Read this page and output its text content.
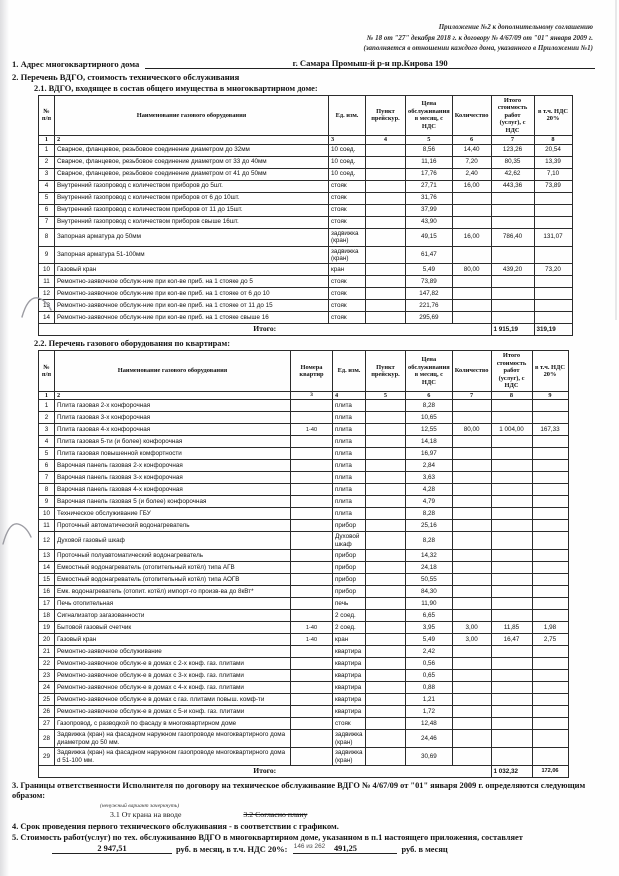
Приложение №2 к дополнительному соглашению
№ 18 от "27" декабря 2018 г. к договору № 4/67/09 от "01" января 2009 г.
(заполняется в отношении каждого дома, указанного в Приложении №1)
1. Адрес многоквартирного дома	г. Самара Промыш-й р-н пр.Кирова 190
2. Перечень ВДГО, стоимость технического обслуживания
2.1. ВДГО, входящее в состав общего имущества в многоквартирном доме:
№ п/п	Наименование газового оборудования	Ед. изм.	Пункт прейскур.	Цена обслуживания в месяц, с НДС	Количество	Итого стоимость работ (услуг), с НДС	в т.ч. НДС 20%
1	2	3	4	5	6	7	8
1	Сварное, фланцевое, резьбовое соединение диаметром до 32мм	10 соед.		8,56	14,40	123,26	20,54
2	Сварное, фланцевое, резьбовое соединение диаметром от 33 до 40мм	10 соед.		11,16	7,20	80,35	13,39
3	Сварное, фланцевое, резьбовое соединение диаметром от 41 до 50мм	10 соед.		17,76	2,40	42,62	7,10
4	Внутренний газопровод с количеством приборов до 5шт.	стояк		27,71	16,00	443,36	73,89
5	Внутренний газопровод с количеством приборов от 6 до 10шт.	стояк		31,76			
6	Внутренний газопровод с количеством приборов от 11 до 15шт.	стояк		37,99			
7	Внутренний газопровод с количеством приборов свыше 16шт.	стояк		43,90			
8	Запорная арматура до 50мм	задвижка (кран)		49,15	16,00	786,40	131,07
9	Запорная арматура 51-100мм	задвижка (кран)		61,47			
10	Газовый кран	кран		5,49	80,00	439,20	73,20
11	Ремонтно-заявочное обслуж-ние при кол-ве приб. на 1 стояке до 5	стояк		73,89			
12	Ремонтно-заявочное обслуж-ние при кол-ве приб. на 1 стояке от 6 до 10	стояк		147,82			
13	Ремонтно-заявочное обслуж-ние при кол-ве приб. на 1 стояке от 11 до 15	стояк		221,76			
14	Ремонтно-заявочное обслуж-ние при кол-ве приб. на 1 стояке свыше 16	стояк		295,69			
Итого:						1 915,19	319,19
2.2. Перечень газового оборудования по квартирам:
№ п/п	Наименование газового оборудования	Номера квартир	Ед. изм.	Пункт прейскур.	Цена обслуживания в месяц, с НДС	Количество	Итого стоимость работ (услуг), с НДС	в т.ч. НДС 20%
1	2	3	4	5	6	7	8	9
1	Плита газовая 2-х конфорочная		плита		8,28			
2	Плита газовая 3-х конфорочная		плита		10,65			
3	Плита газовая 4-х конфорочная	1-40	плита		12,55	80,00	1 004,00	167,33
4	Плита газовая 5-ти (и более) конфорочная		плита		14,18			
5	Плита газовая повышенной комфортности		плита		16,97			
6	Варочная панель газовая 2-х конфорочная		плита		2,84			
7	Варочная панель газовая 3-х конфорочная		плита		3,63			
8	Варочная панель газовая 4-х конфорочная		плита		4,28			
9	Варочная панель газовая 5 (и более) конфорочная		плита		4,79			
10	Техническое обслуживание ГБУ		плита		8,28			
11	Проточный автоматический водонагреватель		прибор		25,16			
12	Духовой газовый шкаф		Духовой шкаф		8,28			
13	Проточный полуавтоматический водонагреватель		прибор		14,32			
14	Емкостный водонагреватель (отопительный котёл) типа АГВ		прибор		24,18			
15	Емкостный водонагреватель (отопительный котёл) типа АОГВ		прибор		50,55			
16	Емк. водонагреватель (отопит. котёл) импорт-го произв-ва до 8кВт*		прибор		84,30			
17	Печь отопительная		печь		11,90			
18	Сигнализатор загазованности		2 соед.		6,65			
19	Бытовой газовый счетчик	1-40	2 соед.		3,95	3,00	11,85	1,98
20	Газовый кран	1-40	кран		5,49	3,00	16,47	2,75
21	Ремонтно-заявочное обслуживание		квартира		2,42			
22	Ремонтно-заявочное обслуж-е в домах с 2-х конф. газ. плитами		квартира		0,56			
23	Ремонтно-заявочное обслуж-е в домах с 3-х конф. газ. плитами		квартира		0,65			
24	Ремонтно-заявочное обслуж-е в домах с 4-х конф. газ. плитами		квартира		0,88			
25	Ремонтно-заявочное обслуж-е в домах с газ. плитами повыш. комф-ти		квартира		1,21			
26	Ремонтно-заявочное обслуж-е в домах с 5-и конф. газ. плитами		квартира		1,72			
27	Газопровод, с разводкой по фасаду в многоквартирном доме		стояк		12,48			
28	Задвижка (кран) на фасадном наружном газопроводе многоквартирного дома диаметром до 50 мм.		задвижка (кран)		24,46			
29	Задвижка (кран) на фасадном наружном газопроводе многоквартирного дома d 51-100 мм.		задвижка (кран)		30,69			
Итого:							1 032,32	172,06
3. Границы ответственности Исполнителя по договору на техническое обслуживание ВДГО № 4/67/09 от "01" января 2009 г. определяются следующим образом:
(ненужный вариант зачеркнуть)
3.1 От крана на вводе	3.2 Согласно плану
4. Срок проведения первого технического обслуживания - в соответствии с графиком.
5. Стоимость работ(услуг) по тех. обслуживанию ВДГО в многоквартирном доме, указанном в п.1 настоящего приложения, составляет
2 947,51	руб. в месяц, в т.ч. НДС 20%:	491,25	руб. в месяц
146 из 262
